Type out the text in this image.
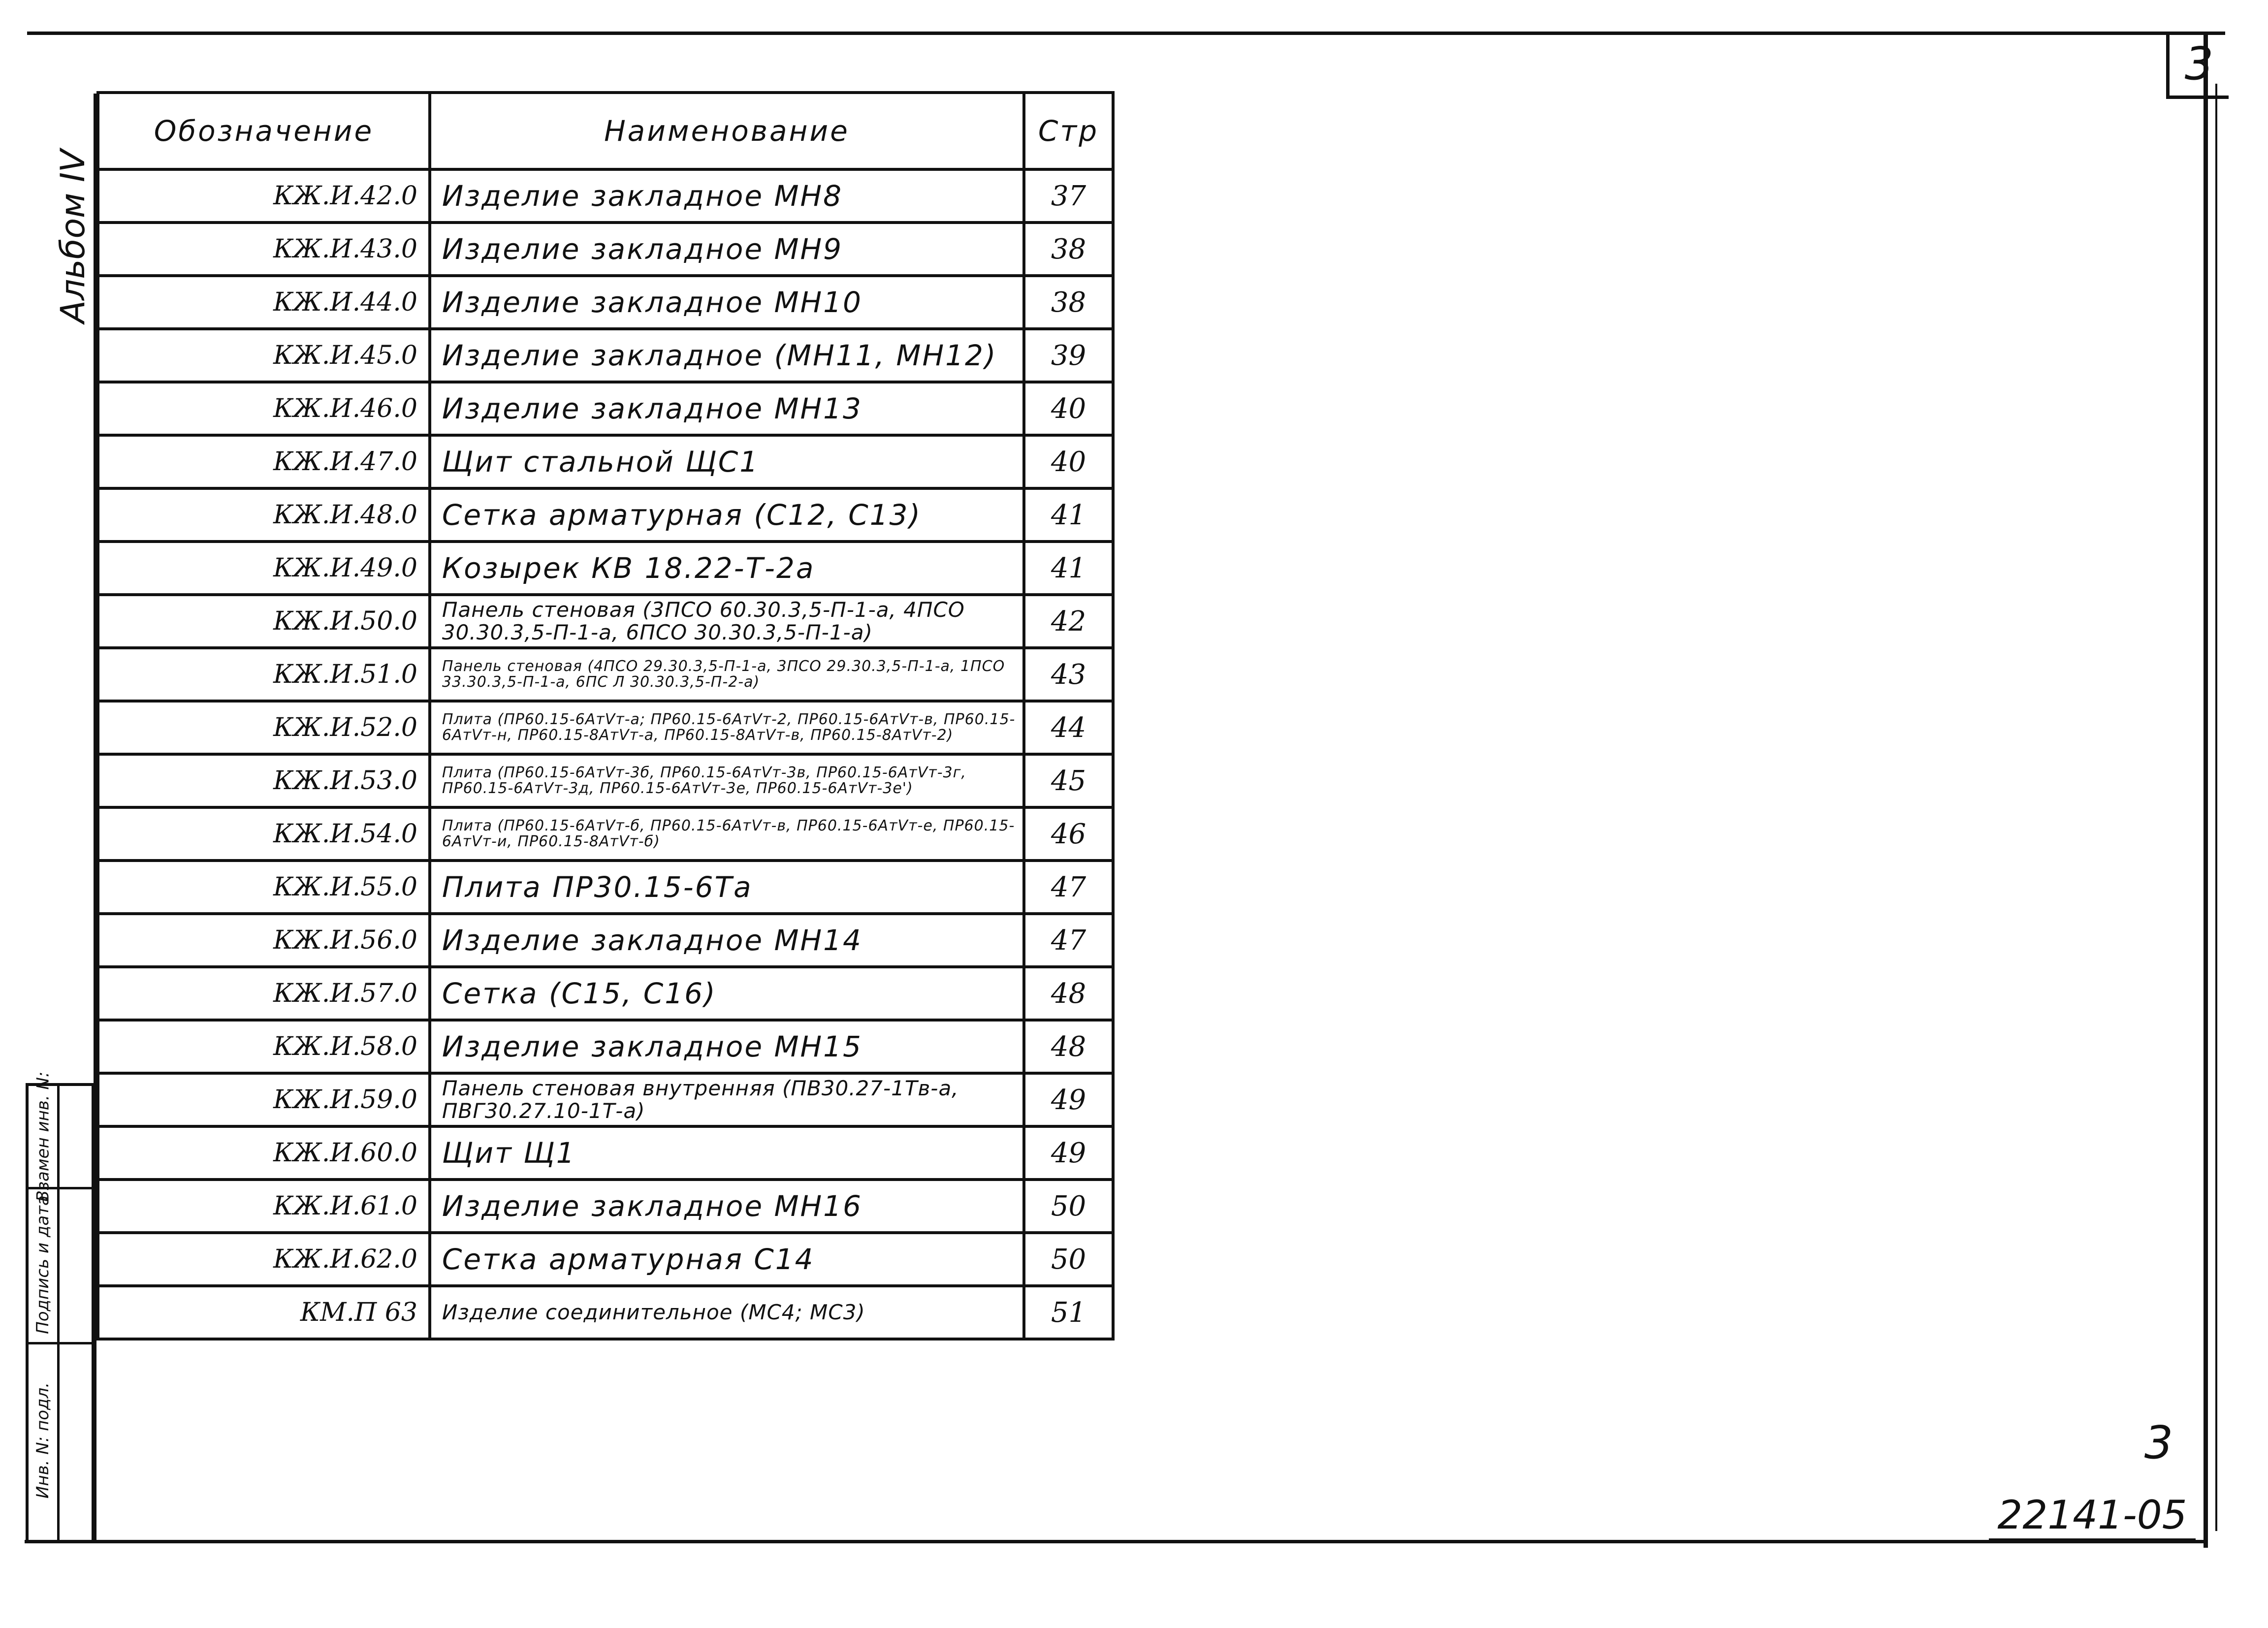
3
Альбом IV
Взамен инв. N:
Подпись и дата
Инв. N: подл.
Обозначение	Наименование	Стр
КЖ.И.42.0	Изделие закладное МН8	37
КЖ.И.43.0	Изделие закладное МН9	38
КЖ.И.44.0	Изделие закладное МН10	38
КЖ.И.45.0	Изделие закладное (МН11, МН12)	39
КЖ.И.46.0	Изделие закладное МН13	40
КЖ.И.47.0	Щит стальной ЩС1	40
КЖ.И.48.0	Сетка арматурная (С12, С13)	41
КЖ.И.49.0	Козырек КВ 18.22-Т-2а	41
КЖ.И.50.0	Панель стеновая (3ПСО 60.30.3,5-П-1-а, 4ПСО 30.30.3,5-П-1-а, 6ПСО 30.30.3,5-П-1-а)	42
КЖ.И.51.0	Панель стеновая (4ПСО 29.30.3,5-П-1-а, 3ПСО 29.30.3,5-П-1-а, 1ПСО 33.30.3,5-П-1-а, 6ПС Л 30.30.3,5-П-2-а)	43
КЖ.И.52.0	Плита (ПР60.15-6АтVт-а; ПР60.15-6АтVт-2, ПР60.15-6АтVт-в, ПР60.15-6АтVт-н, ПР60.15-8АтVт-а, ПР60.15-8АтVт-в, ПР60.15-8АтVт-2)	44
КЖ.И.53.0	Плита (ПР60.15-6АтVт-3б, ПР60.15-6АтVт-3в, ПР60.15-6АтVт-3г, ПР60.15-6АтVт-3д, ПР60.15-6АтVт-3е, ПР60.15-6АтVт-3е')	45
КЖ.И.54.0	Плита (ПР60.15-6АтVт-б, ПР60.15-6АтVт-в, ПР60.15-6АтVт-е, ПР60.15-6АтVт-и, ПР60.15-8АтVт-б)	46
КЖ.И.55.0	Плита ПР30.15-6Та	47
КЖ.И.56.0	Изделие закладное МН14	47
КЖ.И.57.0	Сетка (С15, С16)	48
КЖ.И.58.0	Изделие закладное МН15	48
КЖ.И.59.0	Панель стеновая внутренняя (ПВ30.27-1Тв-а, ПВГ30.27.10-1Т-а)	49
КЖ.И.60.0	Щит Щ1	49
КЖ.И.61.0	Изделие закладное МН16	50
КЖ.И.62.0	Сетка арматурная С14	50
КМ.П 63	Изделие соединительное (МС4; МС3)	51
3
22141-05
